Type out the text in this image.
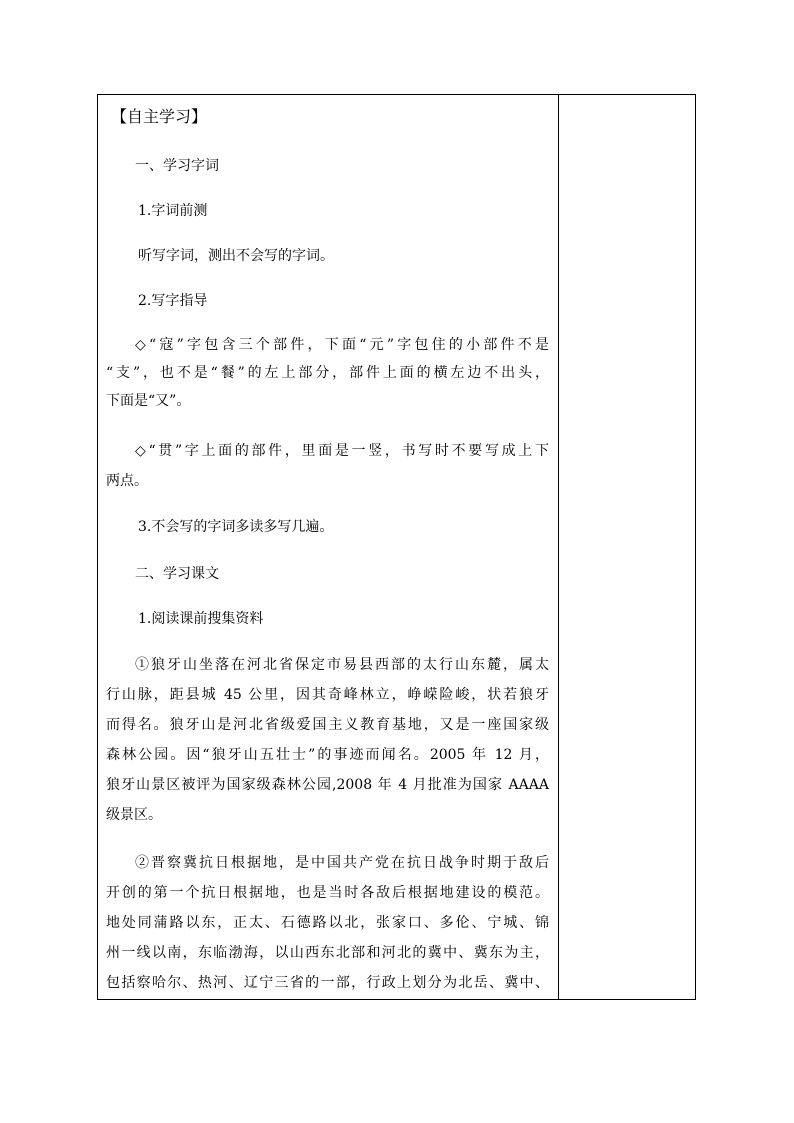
【自主学习】
一、学习字词
1.字词前测
听写字词，测出不会写的字词。
2.写字指导
◇“寇”字包含三个部件，下面“元”字包住的小部件不是
“支”，也不是“餐”的左上部分，部件上面的横左边不出头，
下面是“又”。
◇“贯”字上面的部件，里面是一竖，书写时不要写成上下
两点。
3.不会写的字词多读多写几遍。
二、学习课文
1.阅读课前搜集资料
①狼牙山坐落在河北省保定市易县西部的太行山东麓，属太
行山脉，距县城 45 公里，因其奇峰林立，峥嵘险峻，状若狼牙
而得名。狼牙山是河北省级爱国主义教育基地，又是一座国家级
森林公园。因“狼牙山五壮士”的事迹而闻名。2005 年 12 月，
狼牙山景区被评为国家级森林公园,2008 年 4 月批准为国家 AAAA
级景区。
②晋察冀抗日根据地，是中国共产党在抗日战争时期于敌后
开创的第一个抗日根据地，也是当时各敌后根据地建设的模范。
地处同蒲路以东，正太、石德路以北，张家口、多伦、宁城、锦
州一线以南，东临渤海，以山西东北部和河北的冀中、冀东为主，
包括察哈尔、热河、辽宁三省的一部，行政上划分为北岳、冀中、
